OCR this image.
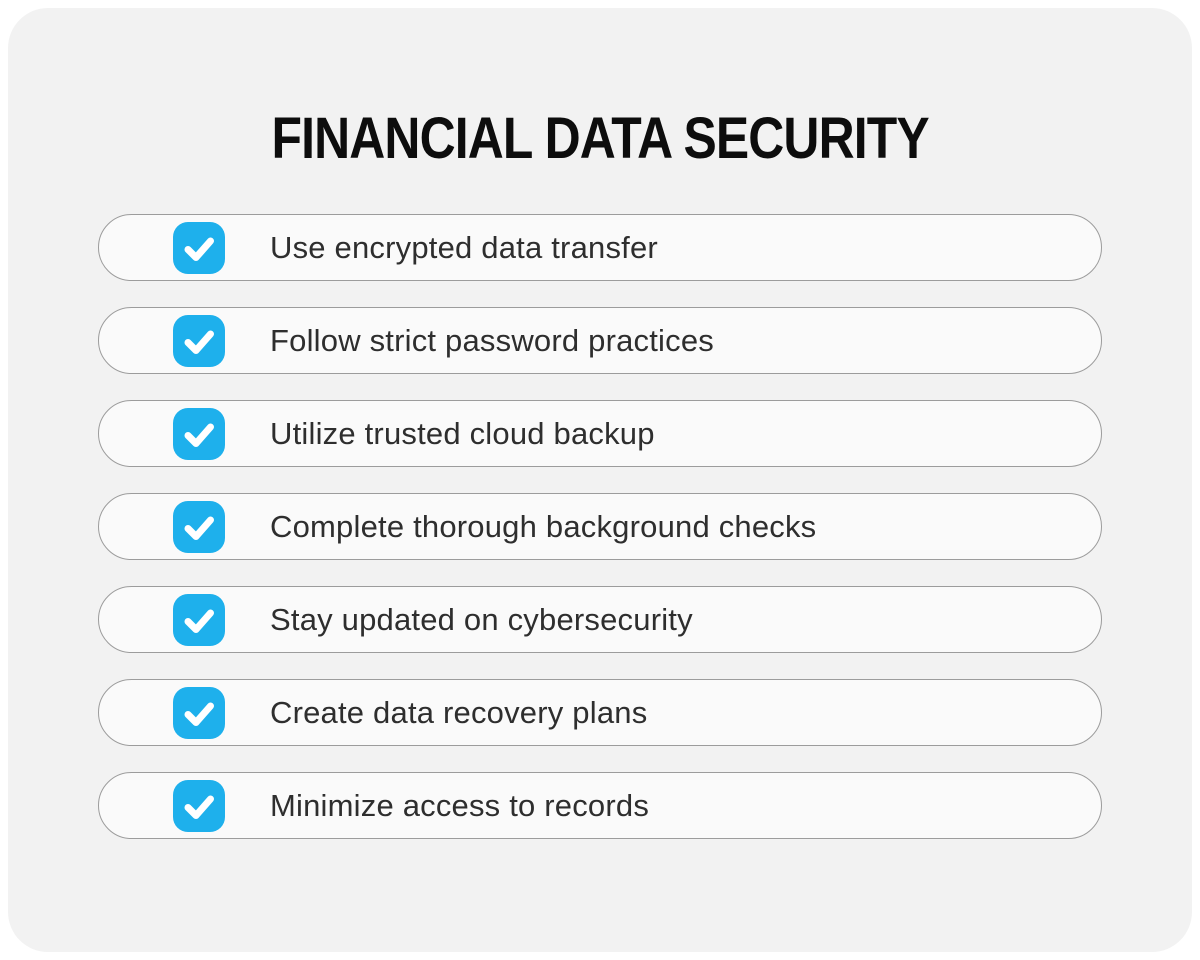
FINANCIAL DATA SECURITY
Use encrypted data transfer
Follow strict password practices
Utilize trusted cloud backup
Complete thorough background checks
Stay updated on cybersecurity
Create data recovery plans
Minimize access to records
